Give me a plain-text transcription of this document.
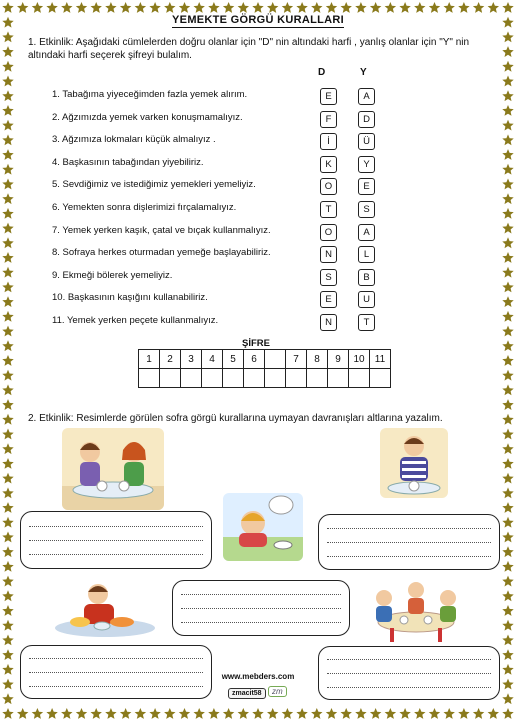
YEMEKTE GÖRGÜ KURALLARI
1. Etkinlik: Aşağıdaki cümlelerden doğru olanlar için "D" nin altındaki harfi , yanlış olanlar için "Y" nin altındaki harfi seçerek şifreyi bulalım.
D	Y
1. Tabağıma yiyeceğimden fazla yemek alırım.	E	A
2. Ağzımızda yemek varken konuşmamalıyız.	F	D
3. Ağzımıza lokmaları küçük almalıyız .	İ	Ü
4. Başkasının tabağından yiyebiliriz.	K	Y
5. Sevdiğimiz ve istediğimiz yemekleri yemeliyiz.	O	E
6. Yemekten sonra dişlerimizi fırçalamalıyız.	T	S
7. Yemek yerken kaşık, çatal ve bıçak kullanmalıyız.	O	A
8. Sofraya herkes oturmadan yemeğe başlayabiliriz.	N	L
9. Ekmeği bölerek yemeliyiz.	S	B
10. Başkasının kaşığını kullanabiliriz.	E	U
11. Yemek yerken peçete kullanmalıyız.	N	T
ŞİFRE
1	2	3	4	5	6		7	8	9	10	11

2. Etkinlik: Resimlerde görülen sofra görgü kurallarına uymayan davranışları altlarına yazalım.
www.mebders.com
zmacit58	zm
